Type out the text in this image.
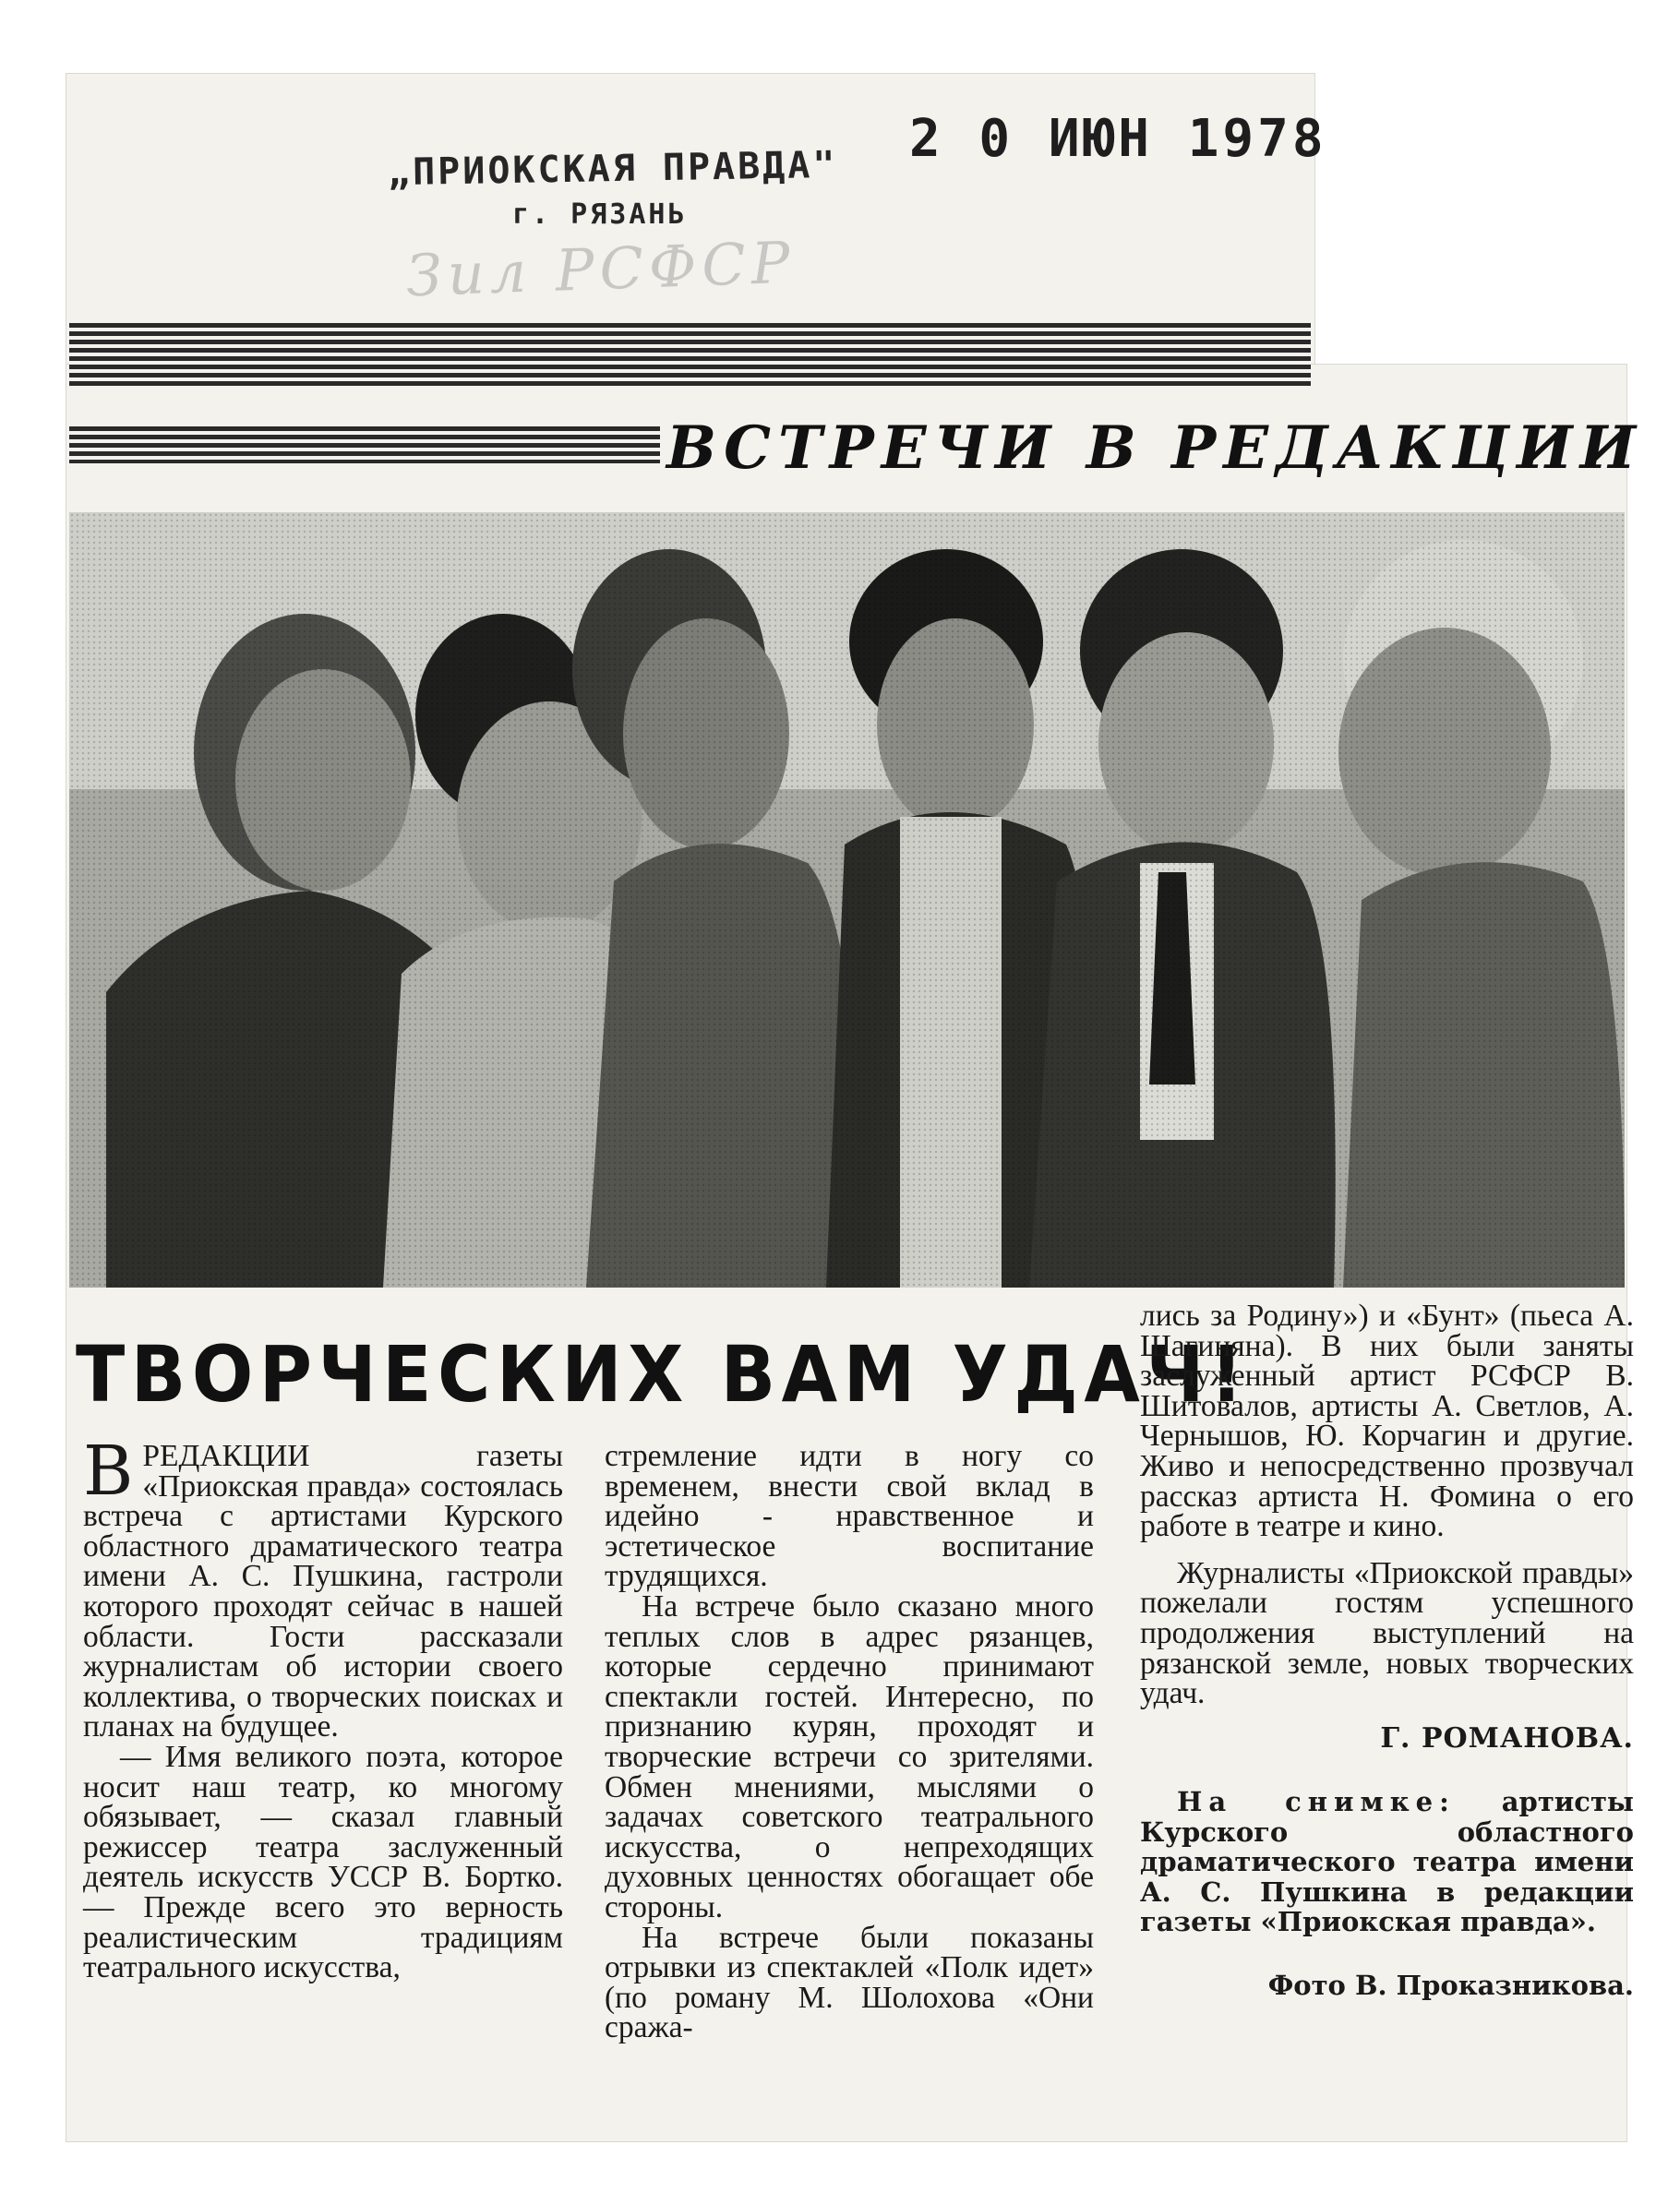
Зил РСФСР
„ПРИОКСКАЯ ПРАВДА"
г. РЯЗАНЬ
2 0 ИЮН 1978
ВСТРЕЧИ В РЕДАКЦИИ
ТВОРЧЕСКИХ ВАМ УДАЧ!

ВРЕДАКЦИИ газеты «Приокская правда» состоялась встреча с артистами Курского областного драматического театра имени А. С. Пушкина, гастроли которого проходят сейчас в нашей области. Гости рассказали журналистам об истории своего коллектива, о творческих поисках и планах на будущее.

— Имя великого поэта, которое носит наш театр, ко многому обязывает, — сказал главный режиссер театра заслуженный деятель искусств УССР В. Бортко. — Прежде всего это верность реалистическим традициям театрального искусства,

стремление идти в ногу со временем, внести свой вклад в идейно - нравственное и эстетическое воспитание трудящихся.

На встрече было сказано много теплых слов в адрес рязанцев, которые сердечно принимают спектакли гостей. Интересно, по признанию курян, проходят и творческие встречи со зрителями. Обмен мнениями, мыслями о задачах советского театрального искусства, о непреходящих духовных ценностях обогащает обе стороны.

На встрече были показаны отрывки из спектаклей «Полк идет» (по роману М. Шолохова «Они сража-

лись за Родину») и «Бунт» (пьеса А. Шагиняна). В них были заняты заслуженный артист РСФСР В. Шитовалов, артисты А. Светлов, А. Чернышов, Ю. Корчагин и другие. Живо и непосредственно прозвучал рассказ артиста Н. Фомина о его работе в театре и кино.

Журналисты «Приокской правды» пожелали гостям успешного продолжения выступлений на рязанской земле, новых творческих удач.

Г. РОМАНОВА.

На снимке: артисты Курского областного драматического театра имени А. С. Пушкина в редакции газеты «Приокская правда».

Фото В. Проказникова.
